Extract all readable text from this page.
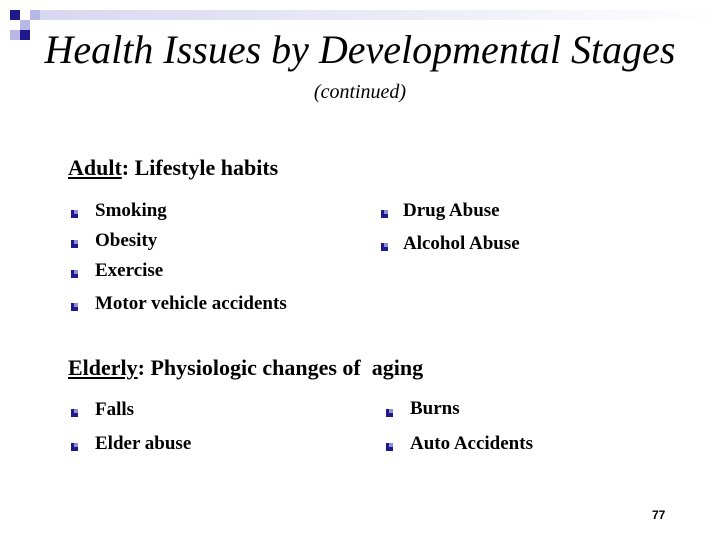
Health Issues by Developmental Stages
(continued)
Adult: Lifestyle habits
Smoking
Obesity
Exercise
Motor vehicle accidents
Drug Abuse
Alcohol Abuse
Elderly: Physiologic changes of  aging
Falls
Elder abuse
Burns
Auto Accidents
77
